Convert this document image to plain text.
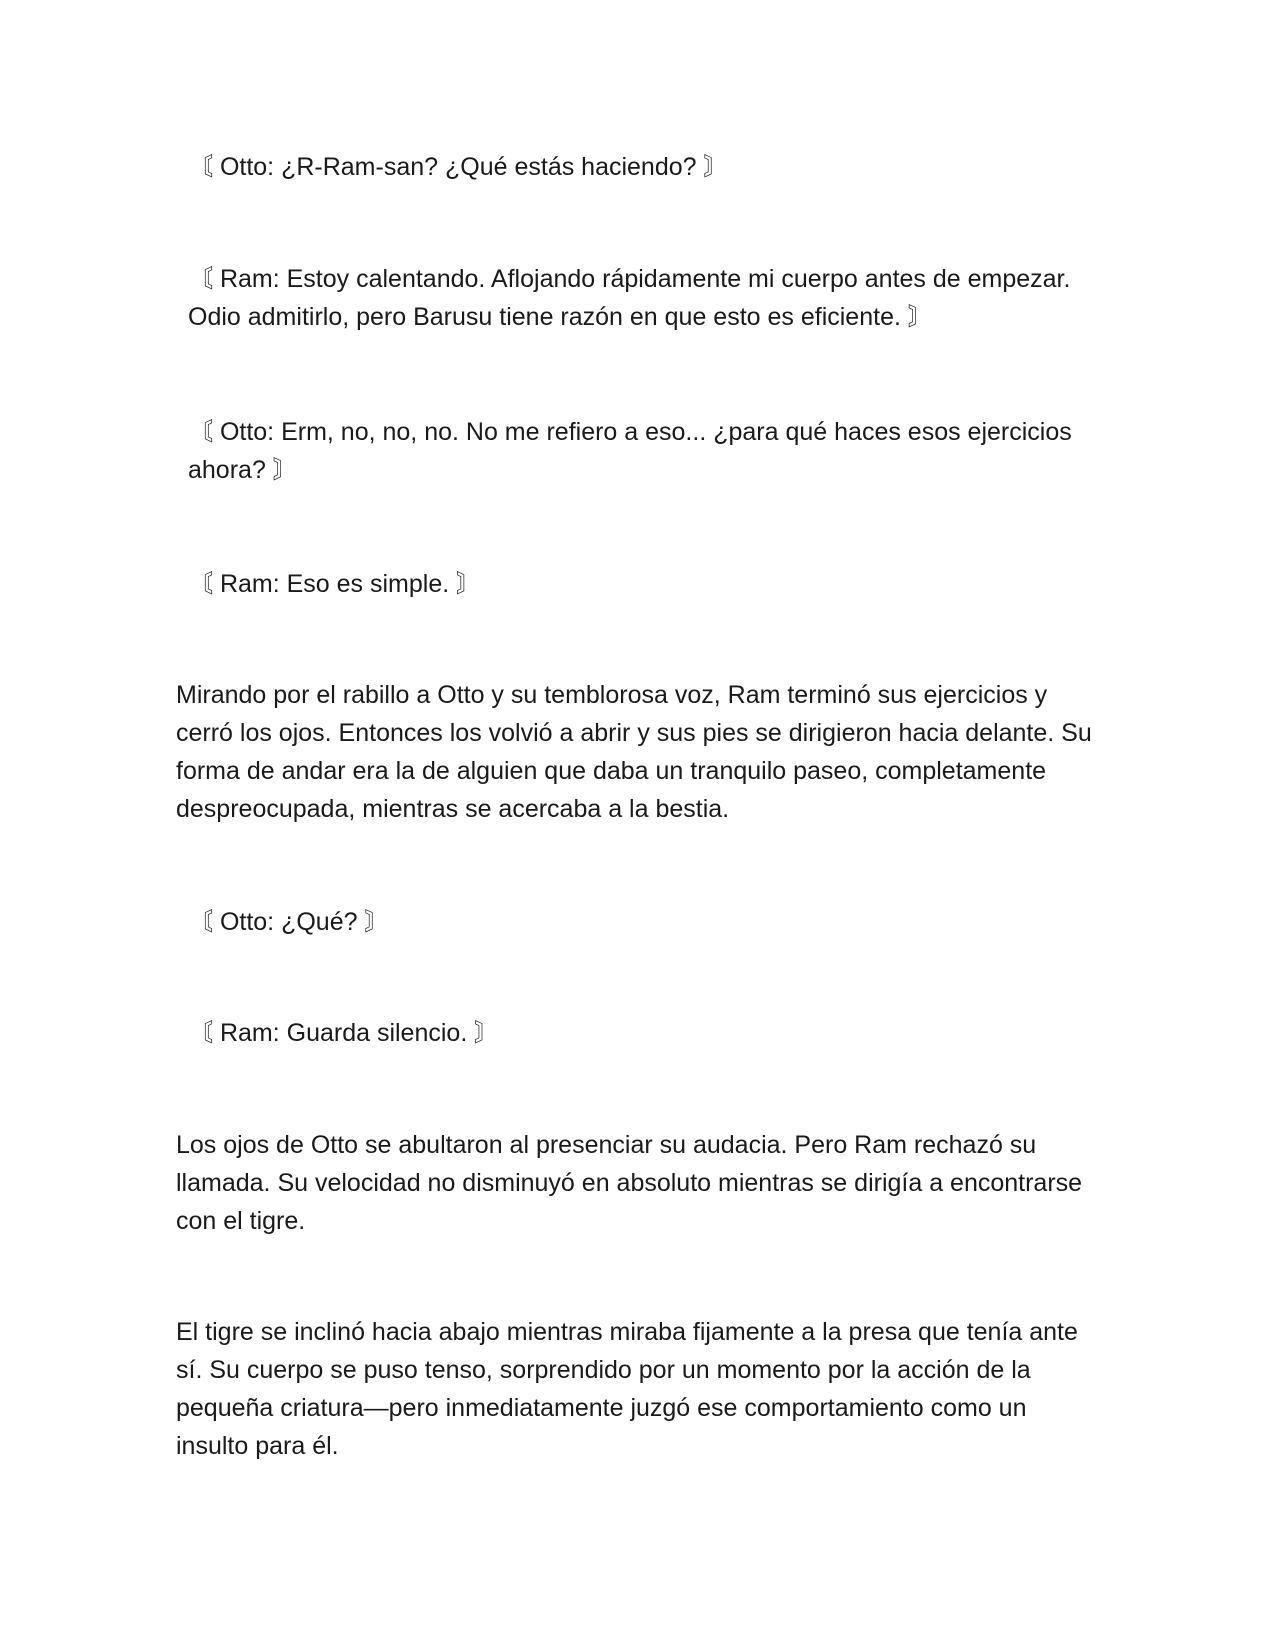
〘 Otto: ¿R-Ram-san? ¿Qué estás haciendo? 〙

〘 Ram: Estoy calentando. Aflojando rápidamente mi cuerpo antes de empezar. Odio admitirlo, pero Barusu tiene razón en que esto es eficiente. 〙

〘 Otto: Erm, no, no, no. No me refiero a eso... ¿para qué haces esos ejercicios ahora? 〙

〘 Ram: Eso es simple. 〙

Mirando por el rabillo a Otto y su temblorosa voz, Ram terminó sus ejercicios y cerró los ojos. Entonces los volvió a abrir y sus pies se dirigieron hacia delante. Su forma de andar era la de alguien que daba un tranquilo paseo, completamente despreocupada, mientras se acercaba a la bestia.

〘 Otto: ¿Qué? 〙

〘 Ram: Guarda silencio. 〙

Los ojos de Otto se abultaron al presenciar su audacia. Pero Ram rechazó su llamada. Su velocidad no disminuyó en absoluto mientras se dirigía a encontrarse con el tigre.

El tigre se inclinó hacia abajo mientras miraba fijamente a la presa que tenía ante sí. Su cuerpo se puso tenso, sorprendido por un momento por la acción de la pequeña criatura—pero inmediatamente juzgó ese comportamiento como un insulto para él.
